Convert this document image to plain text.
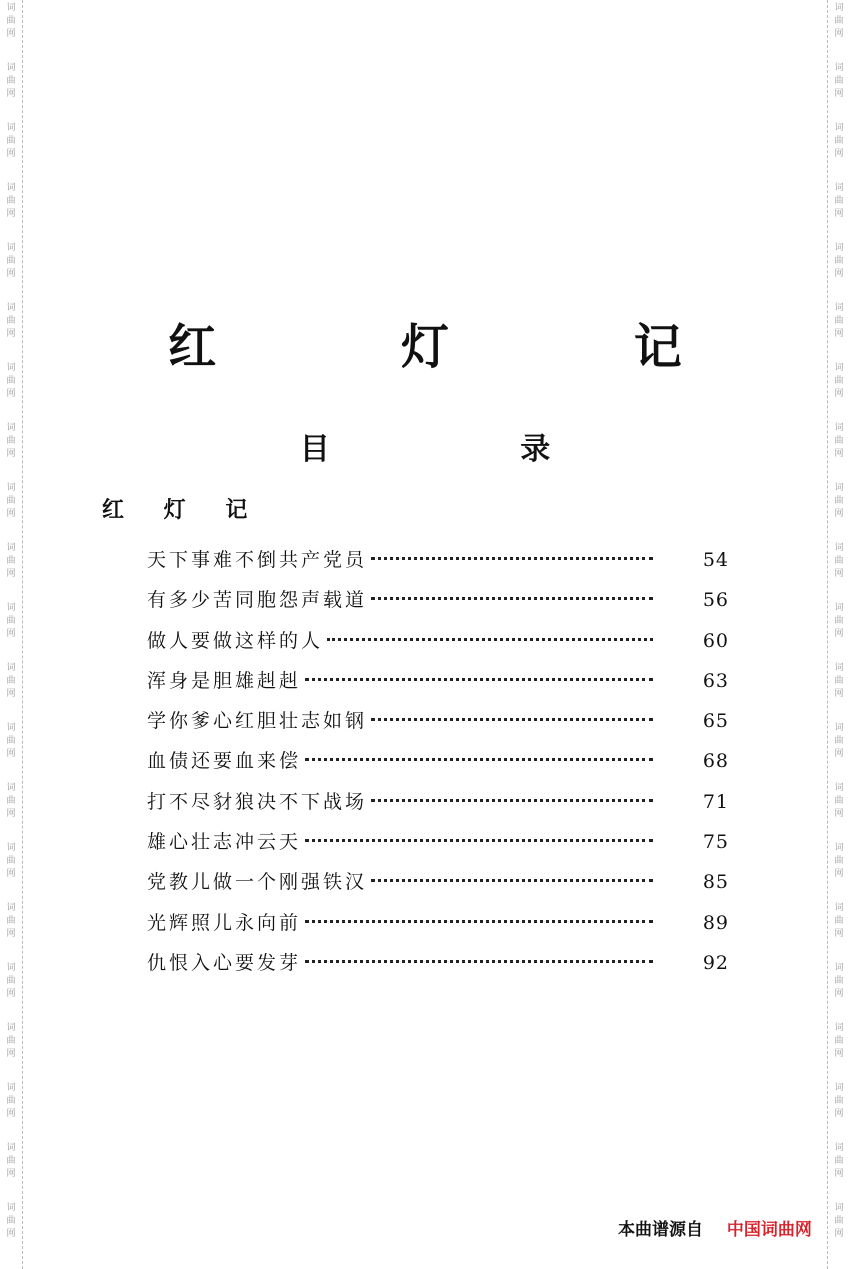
词曲网
词曲网
词曲网
词曲网
词曲网
词曲网
词曲网
词曲网
词曲网
词曲网
词曲网
词曲网
词曲网
词曲网
词曲网
词曲网
词曲网
词曲网
词曲网
词曲网
词曲网
词曲网
词曲网
词曲网
词曲网
词曲网
词曲网
词曲网
词曲网
词曲网
词曲网
词曲网
词曲网
词曲网
词曲网
词曲网
词曲网
词曲网
词曲网
词曲网
词曲网
词曲网
红 灯 记
目 录
红 灯 记
天下事难不倒共产党员	54
有多少苦同胞怨声载道	56
做人要做这样的人	60
浑身是胆雄赳赳	63
学你爹心红胆壮志如钢	65
血债还要血来偿	68
打不尽豺狼决不下战场	71
雄心壮志冲云天	75
党教儿做一个刚强铁汉	85
光辉照儿永向前	89
仇恨入心要发芽	92
本曲谱源自 中国词曲网
